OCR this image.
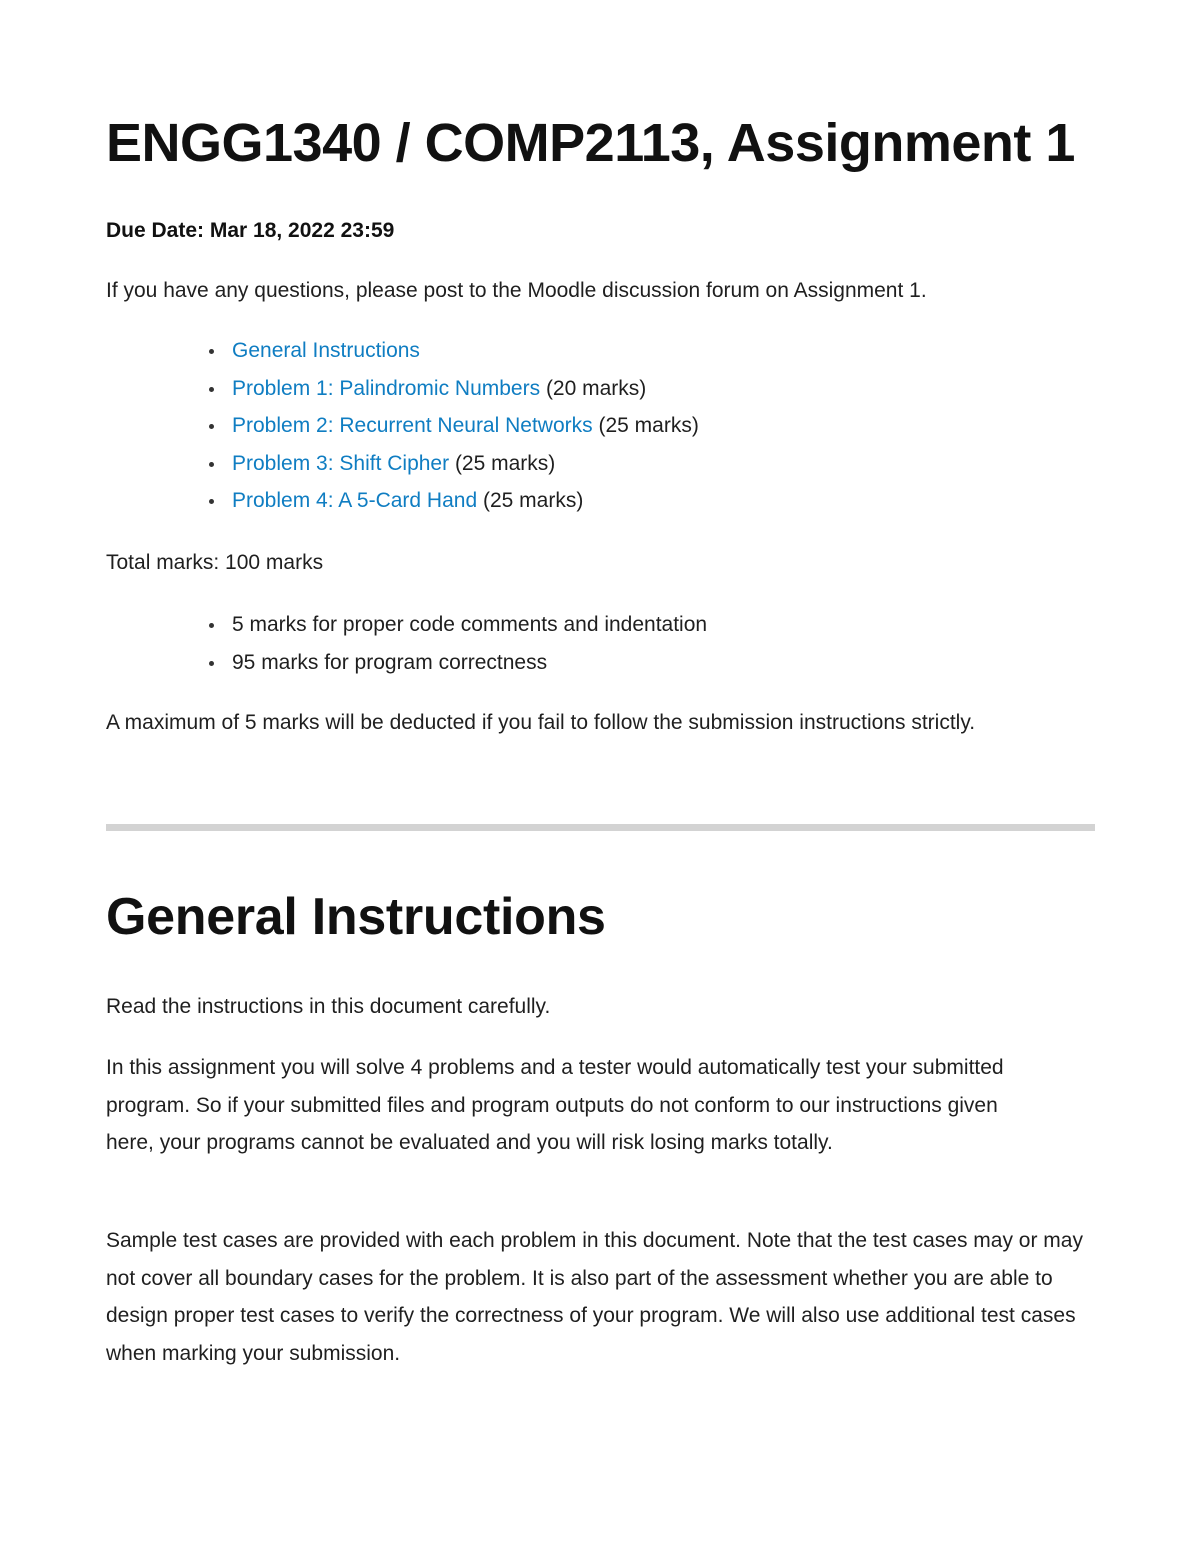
ENGG1340 / COMP2113, Assignment 1

Due Date: Mar 18, 2022 23:59

If you have any questions, please post to the Moodle discussion forum on Assignment 1.

General Instructions
Problem 1: Palindromic Numbers (20 marks)
Problem 2: Recurrent Neural Networks (25 marks)
Problem 3: Shift Cipher (25 marks)
Problem 4: A 5-Card Hand (25 marks)

Total marks: 100 marks

5 marks for proper code comments and indentation
95 marks for program correctness

A maximum of 5 marks will be deducted if you fail to follow the submission instructions strictly.

General Instructions

Read the instructions in this document carefully.

In this assignment you will solve 4 problems and a tester would automatically test your submitted program. So if your submitted files and program outputs do not conform to our instructions given here, your programs cannot be evaluated and you will risk losing marks totally.

Sample test cases are provided with each problem in this document. Note that the test cases may or may not cover all boundary cases for the problem. It is also part of the assessment whether you are able to design proper test cases to verify the correctness of your program. We will also use additional test cases when marking your submission.
